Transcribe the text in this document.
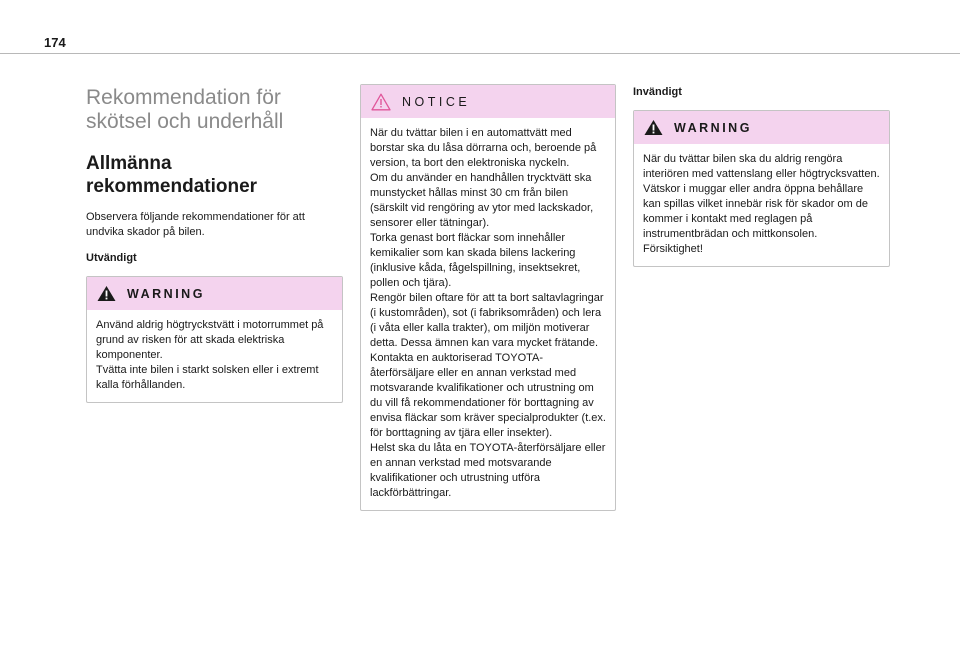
174
Rekommendation för skötsel och underhåll
Allmänna rekommendationer

Observera följande rekommendationer för att undvika skador på bilen.

Utvändigt

WARNING

Använd aldrig högtryckstvätt i motorrummet på grund av risken för att skada elektriska komponenter.

Tvätta inte bilen i starkt solsken eller i extremt kalla förhållanden.

NOTICE

När du tvättar bilen i en automattvätt med borstar ska du låsa dörrarna och, beroende på version, ta bort den elektroniska nyckeln.

Om du använder en handhållen trycktvätt ska munstycket hållas minst 30 cm från bilen (särskilt vid rengöring av ytor med lackskador, sensorer eller tätningar).

Torka genast bort fläckar som innehåller kemikalier som kan skada bilens lackering (inklusive kåda, fågelspillning, insektsekret, pollen och tjära).

Rengör bilen oftare för att ta bort saltavlagringar (i kustområden), sot (i fabriksområden) och lera (i våta eller kalla trakter), om miljön motiverar detta. Dessa ämnen kan vara mycket frätande.

Kontakta en auktoriserad TOYOTA-återförsäljare eller en annan verkstad med motsvarande kvalifikationer och utrustning om du vill få rekommendationer för borttagning av envisa fläckar som kräver specialprodukter (t.ex. för borttagning av tjära eller insekter).

Helst ska du låta en TOYOTA-återförsäljare eller en annan verkstad med motsvarande kvalifikationer och utrustning utföra lackförbättringar.

Invändigt

WARNING

När du tvättar bilen ska du aldrig rengöra interiören med vattenslang eller högtrycksvatten.

Vätskor i muggar eller andra öppna behållare kan spillas vilket innebär risk för skador om de kommer i kontakt med reglagen på instrumentbrädan och mittkonsolen.

Försiktighet!
